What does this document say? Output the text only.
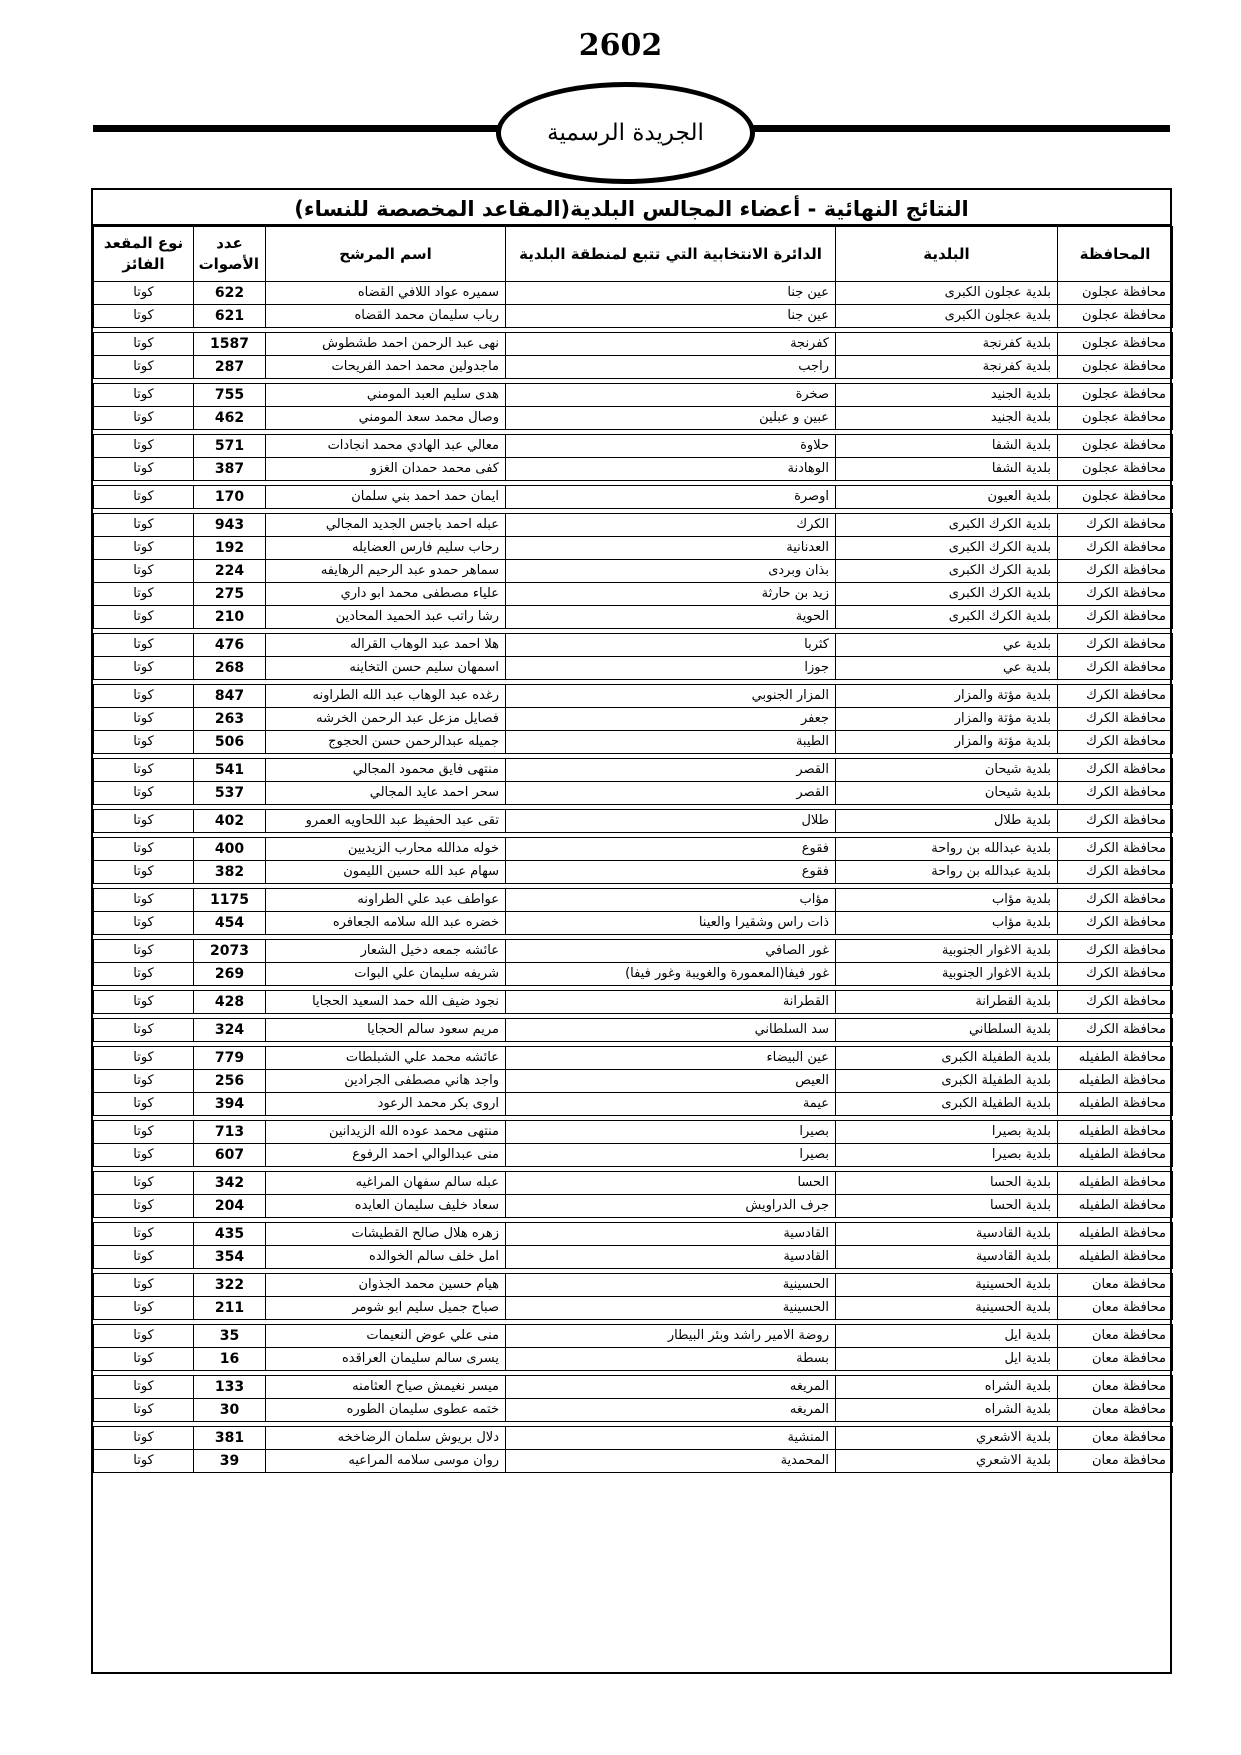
2602
الجريدة الرسمية
النتائج النهائية - أعضاء المجالس البلدية(المقاعد المخصصة للنساء)
المحافظة	البلدية	الدائرة الانتخابية التي تتبع لمنطقة البلدية	اسم المرشح	عدد الأصوات	نوع المقعد الفائز
محافظة عجلون	بلدية عجلون الكبرى	عين جنا	سميره عواد اللافي القضاه	622	كوتا
محافظة عجلون	بلدية عجلون الكبرى	عين جنا	رباب سليمان محمد القضاه	621	كوتا

محافظة عجلون	بلدية كفرنجة	كفرنجة	نهى عبد الرحمن احمد طشطوش	1587	كوتا
محافظة عجلون	بلدية كفرنجة	راجب	ماجدولين محمد احمد الفريحات	287	كوتا

محافظة عجلون	بلدية الجنيد	صخرة	هدى سليم العبد المومني	755	كوتا
محافظة عجلون	بلدية الجنيد	عبين و عبلين	وصال محمد سعد المومني	462	كوتا

محافظة عجلون	بلدية الشفا	حلاوة	معالي عبد الهادي محمد انجادات	571	كوتا
محافظة عجلون	بلدية الشفا	الوهادنة	كفى محمد حمدان الغزو	387	كوتا

محافظة عجلون	بلدية العيون	اوصرة	ايمان حمد احمد بني سلمان	170	كوتا

محافظة الكرك	بلدية الكرك الكبرى	الكرك	عبله احمد باجس الجديد المجالي	943	كوتا
محافظة الكرك	بلدية الكرك الكبرى	العدنانية	رحاب سليم فارس العضايله	192	كوتا
محافظة الكرك	بلدية الكرك الكبرى	بذان وبردى	سماهر حمدو عبد الرحيم الرهايفه	224	كوتا
محافظة الكرك	بلدية الكرك الكبرى	زيد بن حارثة	علياء مصطفى محمد ابو داري	275	كوتا
محافظة الكرك	بلدية الكرك الكبرى	الحوية	رشا راتب عبد الحميد المحادين	210	كوتا

محافظة الكرك	بلدية عي	كثربا	هلا احمد عبد الوهاب القراله	476	كوتا
محافظة الكرك	بلدية عي	جوزا	اسمهان سليم حسن التخاينه	268	كوتا

محافظة الكرك	بلدية مؤتة والمزار	المزار الجنوبي	رغده عبد الوهاب عبد الله الطراونه	847	كوتا
محافظة الكرك	بلدية مؤتة والمزار	جعفر	فصايل مزعل عبد الرحمن الخرشه	263	كوتا
محافظة الكرك	بلدية مؤتة والمزار	الطيبة	جميله عبدالرحمن حسن الحجوج	506	كوتا

محافظة الكرك	بلدية شيحان	القصر	منتهى فايق محمود المجالي	541	كوتا
محافظة الكرك	بلدية شيحان	القصر	سحر احمد عايد المجالي	537	كوتا

محافظة الكرك	بلدية طلال	طلال	تقى عبد الحفيظ عبد اللحاويه العمرو	402	كوتا

محافظة الكرك	بلدية عبدالله بن رواحة	فقوع	خوله مدالله محارب الزيديين	400	كوتا
محافظة الكرك	بلدية عبدالله بن رواحة	فقوع	سهام عبد الله حسين الليمون	382	كوتا

محافظة الكرك	بلدية مؤاب	مؤاب	عواطف عبد علي الطراونه	1175	كوتا
محافظة الكرك	بلدية مؤاب	ذات راس وشقيرا والعينا	خضره عبد الله سلامه الجعافره	454	كوتا

محافظة الكرك	بلدية الاغوار الجنوبية	غور الصافي	عائشه جمعه دخيل الشعار	2073	كوتا
محافظة الكرك	بلدية الاغوار الجنوبية	غور فيفا(المعمورة والغويبة وغور فيفا)	شريفه سليمان علي البوات	269	كوتا

محافظة الكرك	بلدية القطرانة	القطرانة	نجود ضيف الله حمد السعيد الحجايا	428	كوتا

محافظة الكرك	بلدية السلطاني	سد السلطاني	مريم سعود سالم الحجايا	324	كوتا

محافظة الطفيله	بلدية الطفيلة الكبرى	عين البيضاء	عائشه محمد علي الشبلطات	779	كوتا
محافظة الطفيله	بلدية الطفيلة الكبرى	العيص	واجد هاني مصطفى الجرادين	256	كوتا
محافظة الطفيله	بلدية الطفيلة الكبرى	عيمة	اروى بكر محمد الرعود	394	كوتا

محافظة الطفيله	بلدية بصيرا	بصيرا	منتهى محمد عوده الله الزيدانين	713	كوتا
محافظة الطفيله	بلدية بصيرا	بصيرا	منى عبدالوالي احمد الرفوع	607	كوتا

محافظة الطفيله	بلدية الحسا	الحسا	عبله سالم سفهان المراغيه	342	كوتا
محافظة الطفيله	بلدية الحسا	جرف الدراويش	سعاد خليف سليمان العايده	204	كوتا

محافظة الطفيله	بلدية القادسية	القادسية	زهره هلال صالح القطيشات	435	كوتا
محافظة الطفيله	بلدية القادسية	القادسية	امل خلف سالم الخوالده	354	كوتا

محافظة معان	بلدية الحسينية	الحسينية	هيام حسين محمد الجذوان	322	كوتا
محافظة معان	بلدية الحسينية	الحسينية	صباح جميل سليم ابو شومر	211	كوتا

محافظة معان	بلدية ايل	روضة الامير راشد وبئر البيطار	منى علي عوض النعيمات	35	كوتا
محافظة معان	بلدية ايل	بسطة	يسرى سالم سليمان العراقده	16	كوتا

محافظة معان	بلدية الشراه	المريغه	ميسر نغيمش صياح العثامنه	133	كوتا
محافظة معان	بلدية الشراه	المريغه	ختمه عطوى سليمان الطوره	30	كوتا

محافظة معان	بلدية الاشعري	المنشية	دلال بريوش سلمان الرضاخخه	381	كوتا
محافظة معان	بلدية الاشعري	المحمدية	روان موسى سلامه المراعيه	39	كوتا
